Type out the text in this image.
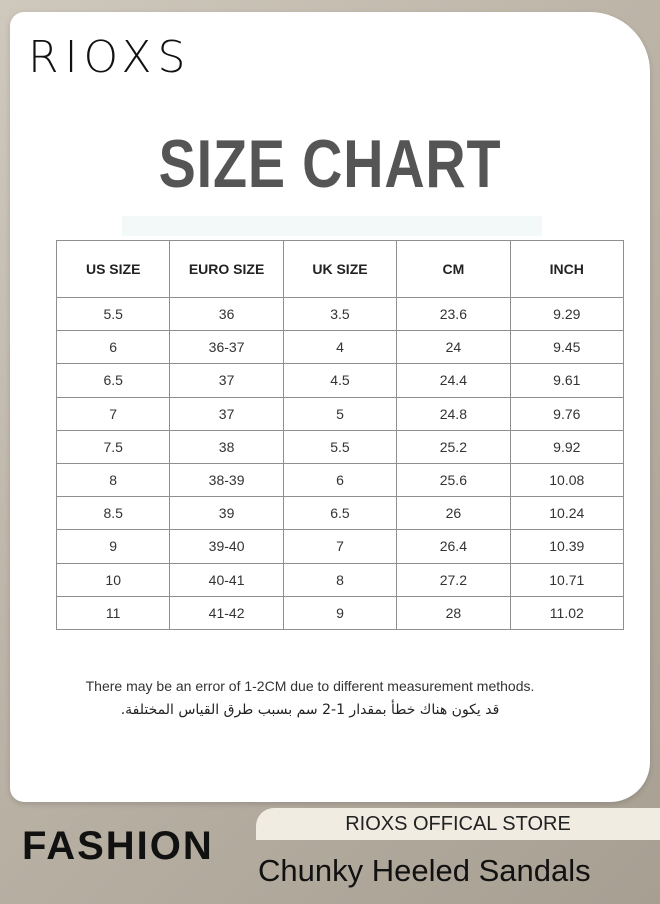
RIOXS
SIZE CHART
US SIZE	EURO SIZE	UK SIZE	CM	INCH
5.5	36	3.5	23.6	9.29
6	36-37	4	24	9.45
6.5	37	4.5	24.4	9.61
7	37	5	24.8	9.76
7.5	38	5.5	25.2	9.92
8	38-39	6	25.6	10.08
8.5	39	6.5	26	10.24
9	39-40	7	26.4	10.39
10	40-41	8	27.2	10.71
11	41-42	9	28	11.02
There may be an error of 1-2CM due to different measurement methods.
قد يكون هناك خطأ بمقدار 1-2 سم بسبب طرق القياس المختلفة.
FASHION	RIOXS OFFICAL STORE
Chunky Heeled Sandals
